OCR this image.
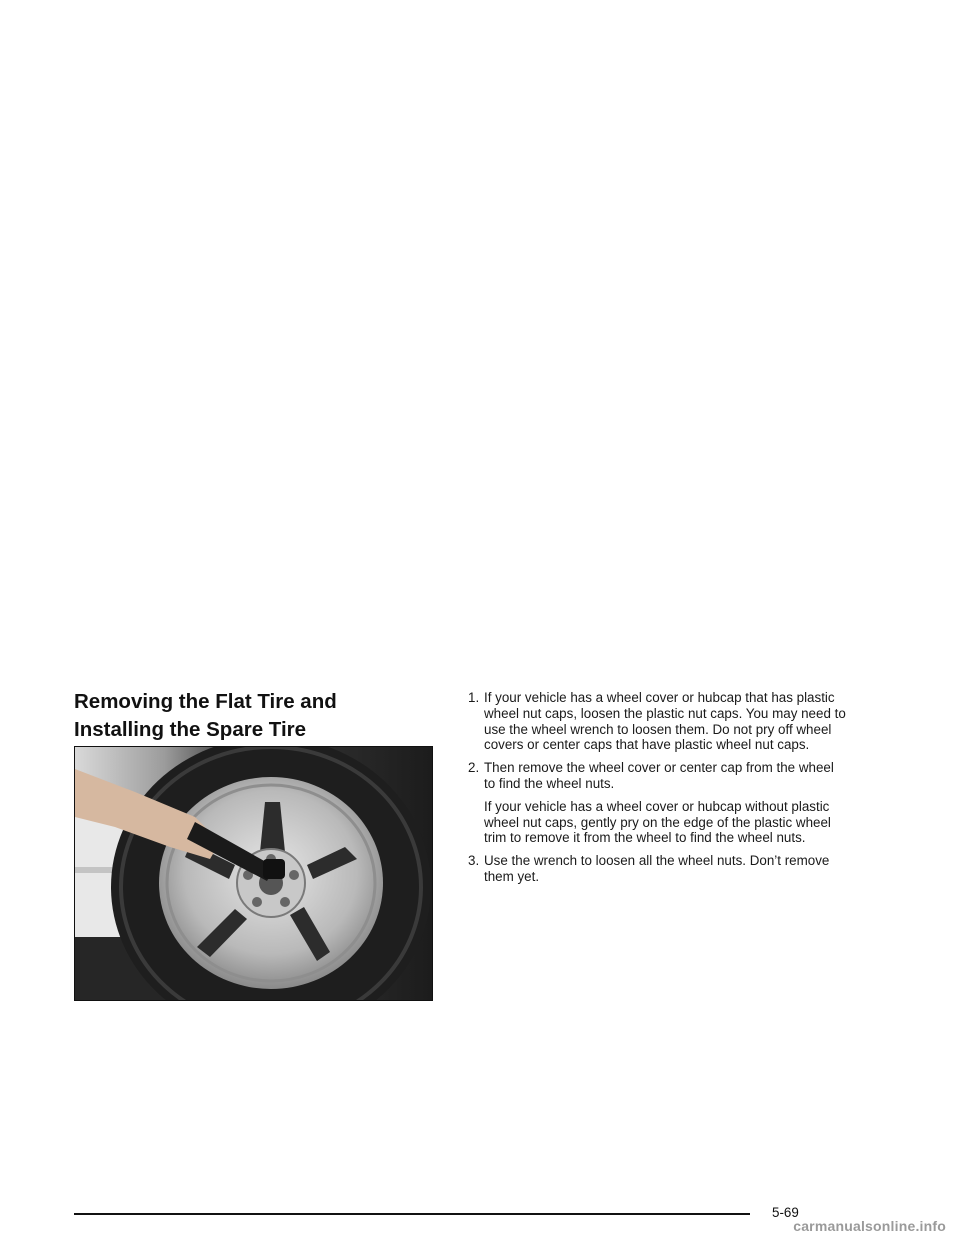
Removing the Flat Tire and Installing the Spare Tire
1. If your vehicle has a wheel cover or hubcap that has plastic wheel nut caps, loosen the plastic nut caps. You may need to use the wheel wrench to loosen them. Do not pry off wheel covers or center caps that have plastic wheel nut caps.
2. Then remove the wheel cover or center cap from the wheel to find the wheel nuts.

If your vehicle has a wheel cover or hubcap without plastic wheel nut caps, gently pry on the edge of the plastic wheel trim to remove it from the wheel to find the wheel nuts.

3. Use the wrench to loosen all the wheel nuts. Don’t remove them yet.
5-69
carmanualsonline.info
